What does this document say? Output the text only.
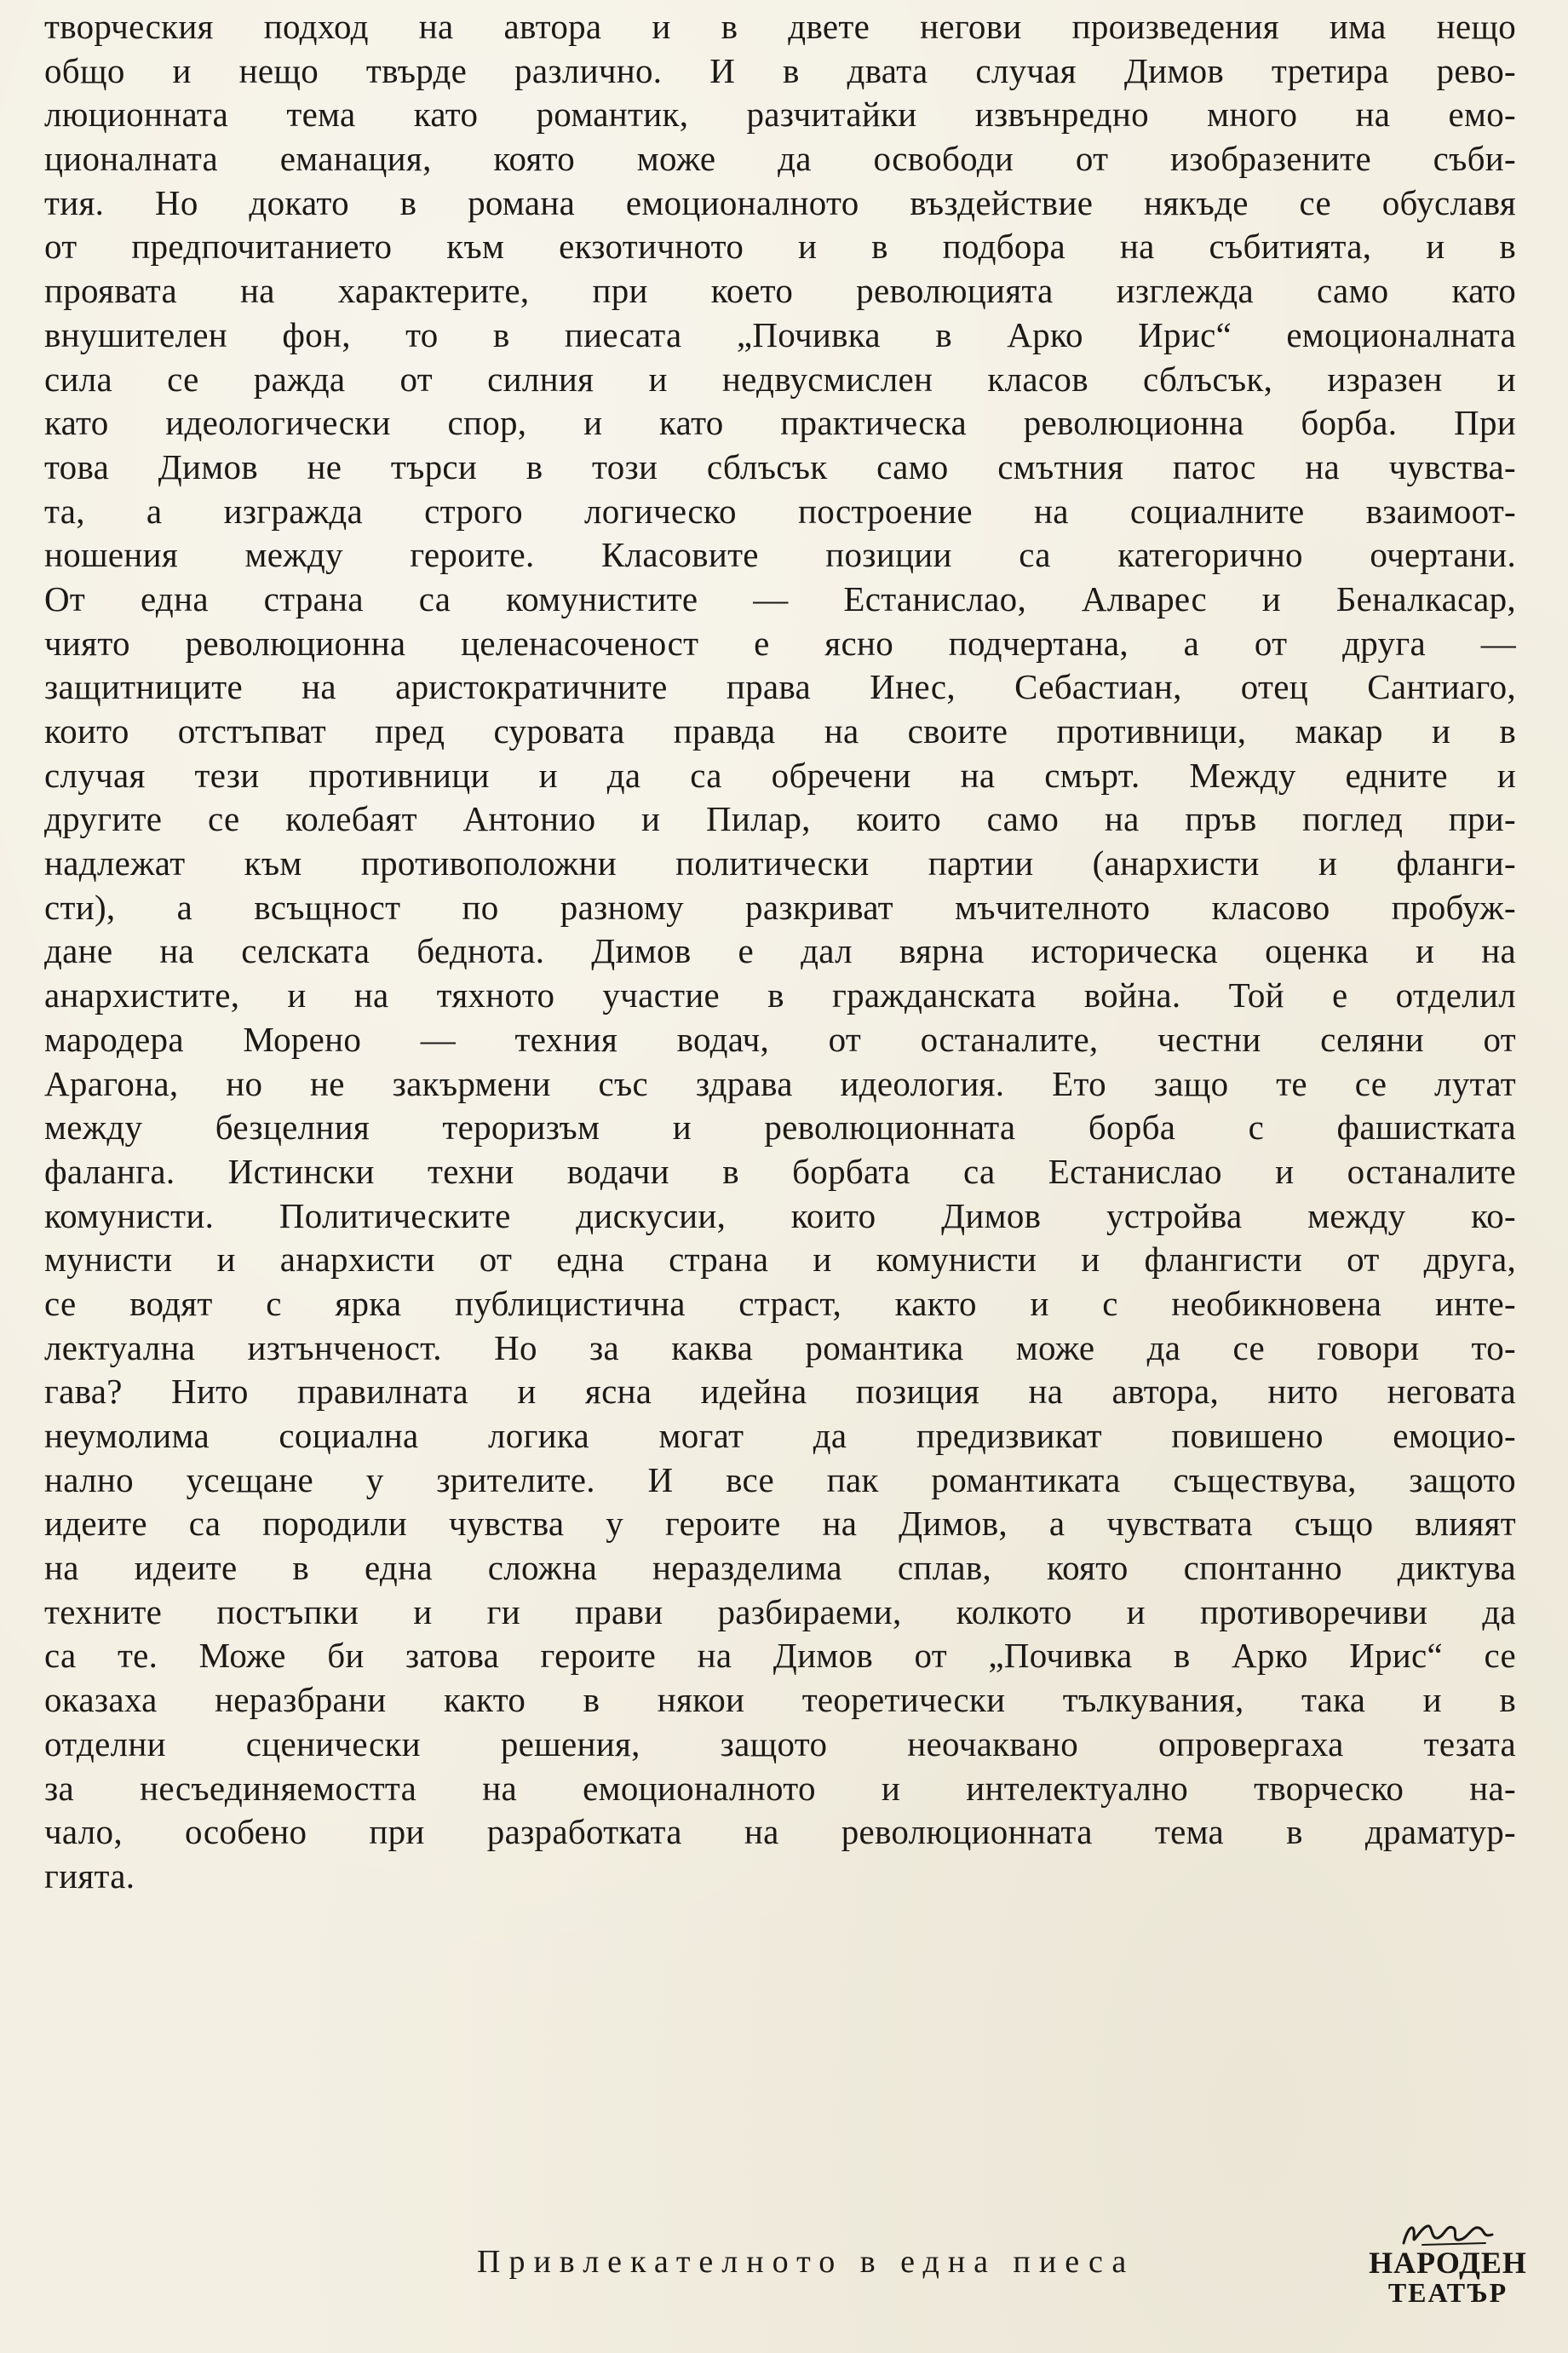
творческия подход на автора и в двете негови произведения има нещо
общо и нещо твърде различно. И в двата случая Димов третира рево-
люционната тема като романтик, разчитайки извънредно много на емо-
ционалната еманация, която може да освободи от изобразените съби-
тия. Но докато в романа емоционалното въздействие някъде се обуславя
от предпочитанието към екзотичното и в подбора на събитията, и в
проявата на характерите, при което революцията изглежда само като
внушителен фон, то в пиесата „Почивка в Арко Ирис“ емоционалната
сила се ражда от силния и недвусмислен класов сблъсък, изразен и
като идеологически спор, и като практическа революционна борба. При
това Димов не търси в този сблъсък само смътния патос на чувства-
та, а изгражда строго логическо построение на социалните взаимоот-
ношения между героите. Класовите позиции са категорично очертани.
От една страна са комунистите — Естанислао, Алварес и Беналкасар,
чиято революционна целенасоченост е ясно подчертана, а от друга —
защитниците на аристократичните права Инес, Себастиан, отец Сантиаго,
които отстъпват пред суровата правда на своите противници, макар и в
случая тези противници и да са обречени на смърт. Между едните и
другите се колебаят Антонио и Пилар, които само на пръв поглед при-
надлежат към противоположни политически партии (анархисти и фланги-
сти), а всъщност по разному разкриват мъчителното класово пробуж-
дане на селската беднота. Димов е дал вярна историческа оценка и на
анархистите, и на тяхното участие в гражданската война. Той е отделил
мародера Морено — техния водач, от останалите, честни селяни от
Арагона, но не закърмени със здрава идеология. Ето защо те се лутат
между безцелния тероризъм и революционната борба с фашистката
фаланга. Истински техни водачи в борбата са Естанислао и останалите
комунисти. Политическите дискусии, които Димов устройва между ко-
мунисти и анархисти от една страна и комунисти и флангисти от друга,
се водят с ярка публицистична страст, както и с необикновена инте-
лектуална изтънченост. Но за каква романтика може да се говори то-
гава? Нито правилната и ясна идейна позиция на автора, нито неговата
неумолима социална логика могат да предизвикат повишено емоцио-
нално усещане у зрителите. И все пак романтиката съществува, защото
идеите са породили чувства у героите на Димов, а чувствата също влияят
на идеите в една сложна неразделима сплав, която спонтанно диктува
техните постъпки и ги прави разбираеми, колкото и противоречиви да
са те. Може би затова героите на Димов от „Почивка в Арко Ирис“ се
оказаха неразбрани както в някои теоретически тълкувания, така и в
отделни сценически решения, защото неочаквано опровергаха тезата
за несъединяемостта на емоционалното и интелектуално творческо на-
чало, особено при разработката на революционната тема в драматур-
гията.
Привлекателното в една пиеса	НАРОДЕН
ТЕАТЪР
